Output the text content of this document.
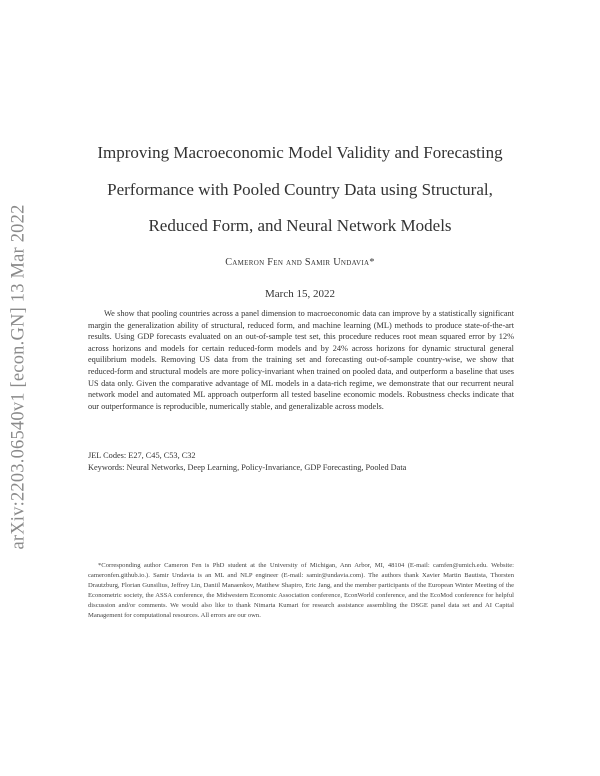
arXiv:2203.06540v1 [econ.GN] 13 Mar 2022
Improving Macroeconomic Model Validity and Forecasting
Performance with Pooled Country Data using Structural,
Reduced Form, and Neural Network Models
Cameron Fen and Samir Undavia*
March 15, 2022

We show that pooling countries across a panel dimension to macroeconomic data can improve by a statistically significant margin the generalization ability of structural, reduced form, and machine learning (ML) methods to produce state-of-the-art results. Using GDP forecasts evaluated on an out-of-sample test set, this procedure reduces root mean squared error by 12% across horizons and models for certain reduced-form models and by 24% across horizons for dynamic structural general equilibrium models. Removing US data from the training set and forecasting out-of-sample country-wise, we show that reduced-form and structural models are more policy-invariant when trained on pooled data, and outperform a baseline that uses US data only. Given the comparative advantage of ML models in a data-rich regime, we demonstrate that our recurrent neural network model and automated ML approach outperform all tested baseline economic models. Robustness checks indicate that our outperformance is reproducible, numerically stable, and generalizable across models.

JEL Codes: E27, C45, C53, C32
Keywords: Neural Networks, Deep Learning, Policy-Invariance, GDP Forecasting, Pooled Data

*Corresponding author Cameron Fen is PhD student at the University of Michigan, Ann Arbor, MI, 48104 (E-mail: camfen@umich.edu. Website: cameronfen.github.io.). Samir Undavia is an ML and NLP engineer (E-mail: samir@undavia.com). The authors thank Xavier Martin Bautista, Thorsten Drautzburg, Florian Gunsilius, Jeffrey Lin, Daniil Manaenkov, Matthew Shapiro, Eric Jang, and the member participants of the European Winter Meeting of the Econometric society, the ASSA conference, the Midwestern Economic Association conference, EconWorld conference, and the EcoMod conference for helpful discussion and/or comments. We would also like to thank Nimarta Kumari for research assistance assembling the DSGE panel data set and AI Capital Management for computational resources. All errors are our own.
